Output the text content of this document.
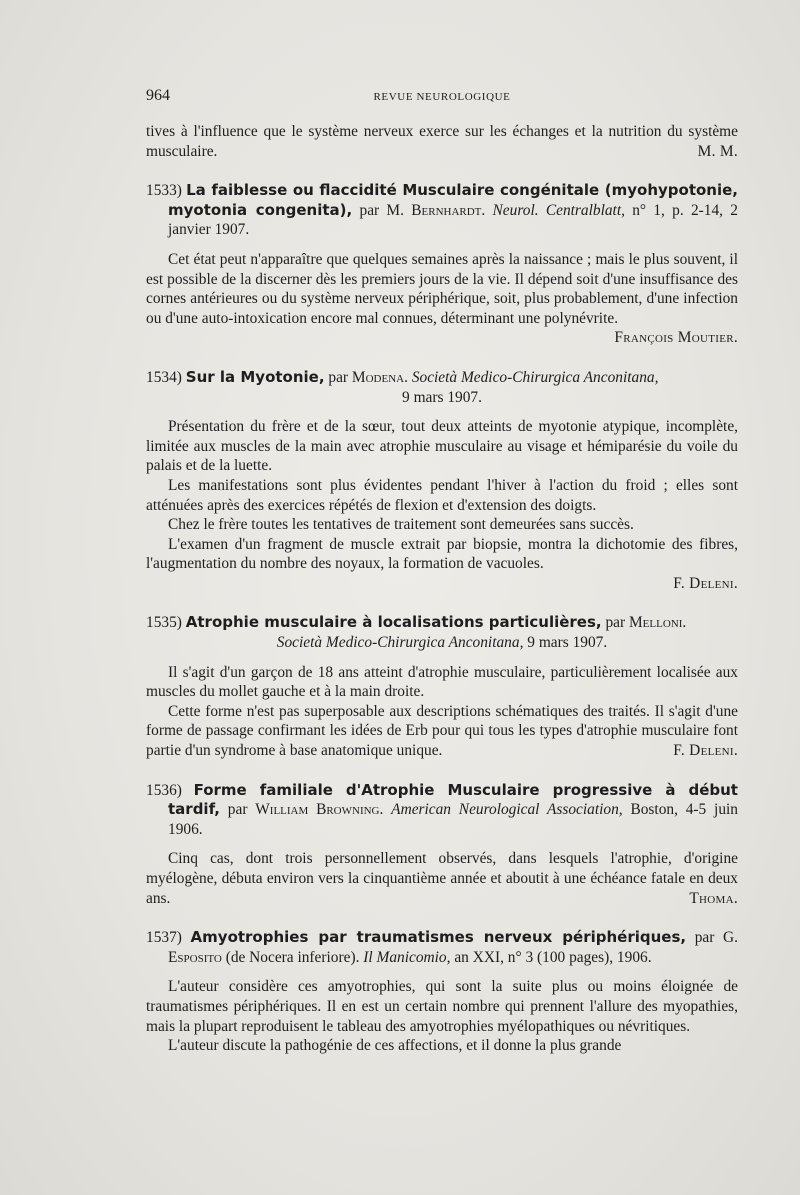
964	REVUE NEUROLOGIQUE

tives à l'influence que le système nerveux exerce sur les échanges et la nutrition du système musculaire.	M. M.

1533) La faiblesse ou flaccidité Musculaire congénitale (myohypotonie, myotonia congenita), par M. Bernhardt. Neurol. Centralblatt, n° 1, p. 2-14, 2 janvier 1907.

Cet état peut n'apparaître que quelques semaines après la naissance ; mais le plus souvent, il est possible de la discerner dès les premiers jours de la vie. Il dépend soit d'une insuffisance des cornes antérieures ou du système nerveux périphérique, soit, plus probablement, d'une infection ou d'une auto-intoxication encore mal connues, déterminant une polynévrite.

François Moutier.

1534) Sur la Myotonie, par Modena. Società Medico-Chirurgica Anconitana,

9 mars 1907.

Présentation du frère et de la sœur, tout deux atteints de myotonie atypique, incomplète, limitée aux muscles de la main avec atrophie musculaire au visage et hémiparésie du voile du palais et de la luette.

Les manifestations sont plus évidentes pendant l'hiver à l'action du froid ; elles sont atténuées après des exercices répétés de flexion et d'extension des doigts.

Chez le frère toutes les tentatives de traitement sont demeurées sans succès.

L'examen d'un fragment de muscle extrait par biopsie, montra la dichotomie des fibres, l'augmentation du nombre des noyaux, la formation de vacuoles.

F. Deleni.

1535) Atrophie musculaire à localisations particulières, par Melloni.

Società Medico-Chirurgica Anconitana, 9 mars 1907.

Il s'agit d'un garçon de 18 ans atteint d'atrophie musculaire, particulièrement localisée aux muscles du mollet gauche et à la main droite.

Cette forme n'est pas superposable aux descriptions schématiques des traités. Il s'agit d'une forme de passage confirmant les idées de Erb pour qui tous les types d'atrophie musculaire font partie d'un syndrome à base anatomique unique.	F. Deleni.

1536) Forme familiale d'Atrophie Musculaire progressive à début tardif, par William Browning. American Neurological Association, Boston, 4-5 juin 1906.

Cinq cas, dont trois personnellement observés, dans lesquels l'atrophie, d'origine myélogène, débuta environ vers la cinquantième année et aboutit à une échéance fatale en deux ans.	Thoma.

1537) Amyotrophies par traumatismes nerveux périphériques, par G. Esposito (de Nocera inferiore). Il Manicomio, an XXI, n° 3 (100 pages), 1906.

L'auteur considère ces amyotrophies, qui sont la suite plus ou moins éloignée de traumatismes périphériques. Il en est un certain nombre qui prennent l'allure des myopathies, mais la plupart reproduisent le tableau des amyotrophies myélopathiques ou névritiques.

L'auteur discute la pathogénie de ces affections, et il donne la plus grande
